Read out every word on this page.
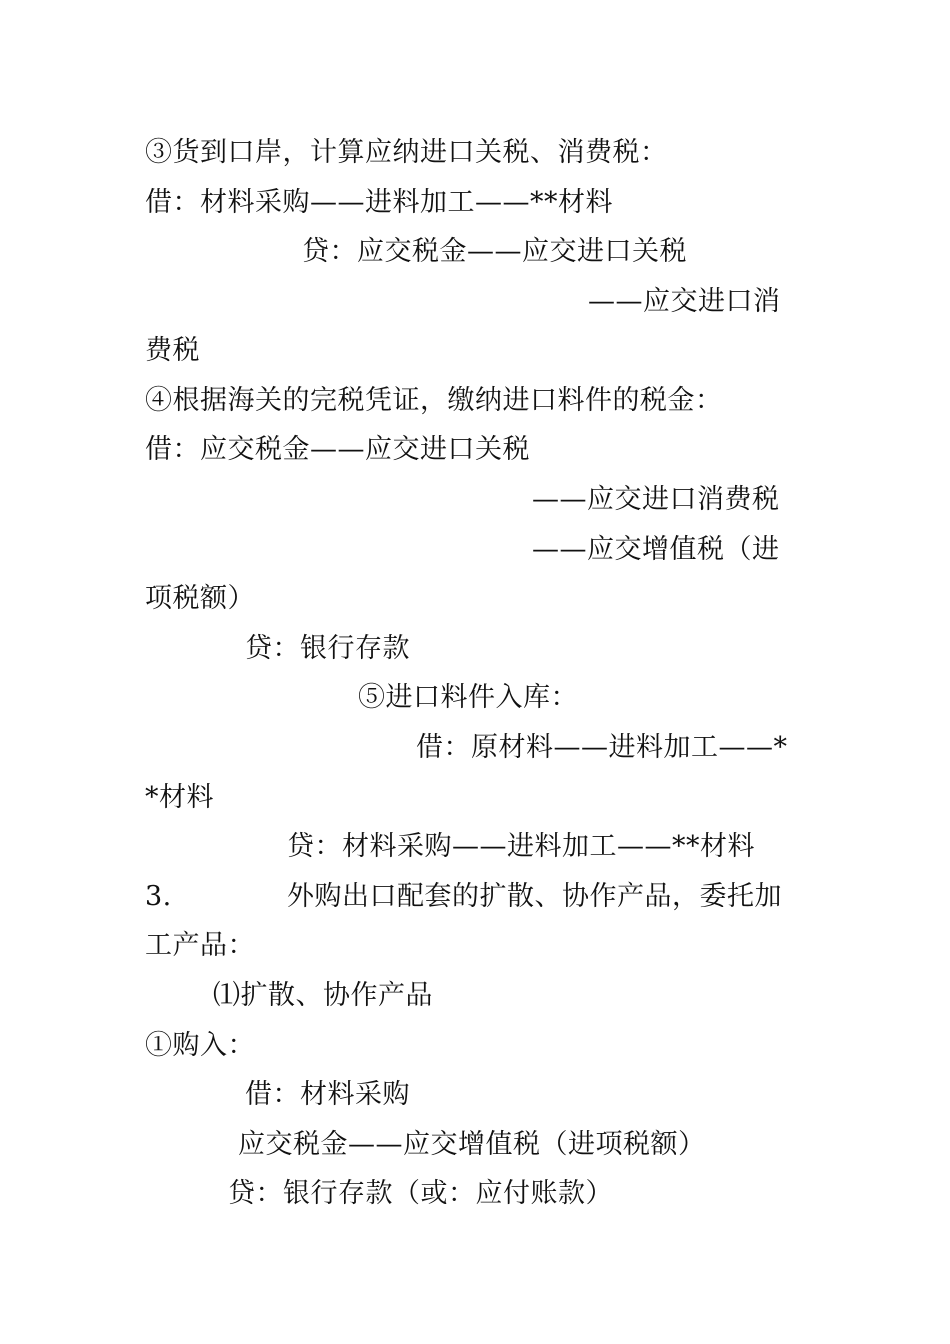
③货到口岸，计算应纳进口关税、消费税：
借：材料采购——进料加工——**材料
贷：应交税金——应交进口关税
——应交进口消
费税
④根据海关的完税凭证，缴纳进口料件的税金：
借：应交税金——应交进口关税
——应交进口消费税
——应交增值税（进
项税额）
贷：银行存款
⑤进口料件入库：
借：原材料——进料加工——*
*材料
贷：材料采购——进料加工——**材料
3.	外购出口配套的扩散、协作产品，委托加
工产品：
⑴扩散、协作产品
①购入：
借：材料采购
应交税金——应交增值税（进项税额）
贷：银行存款（或：应付账款）
